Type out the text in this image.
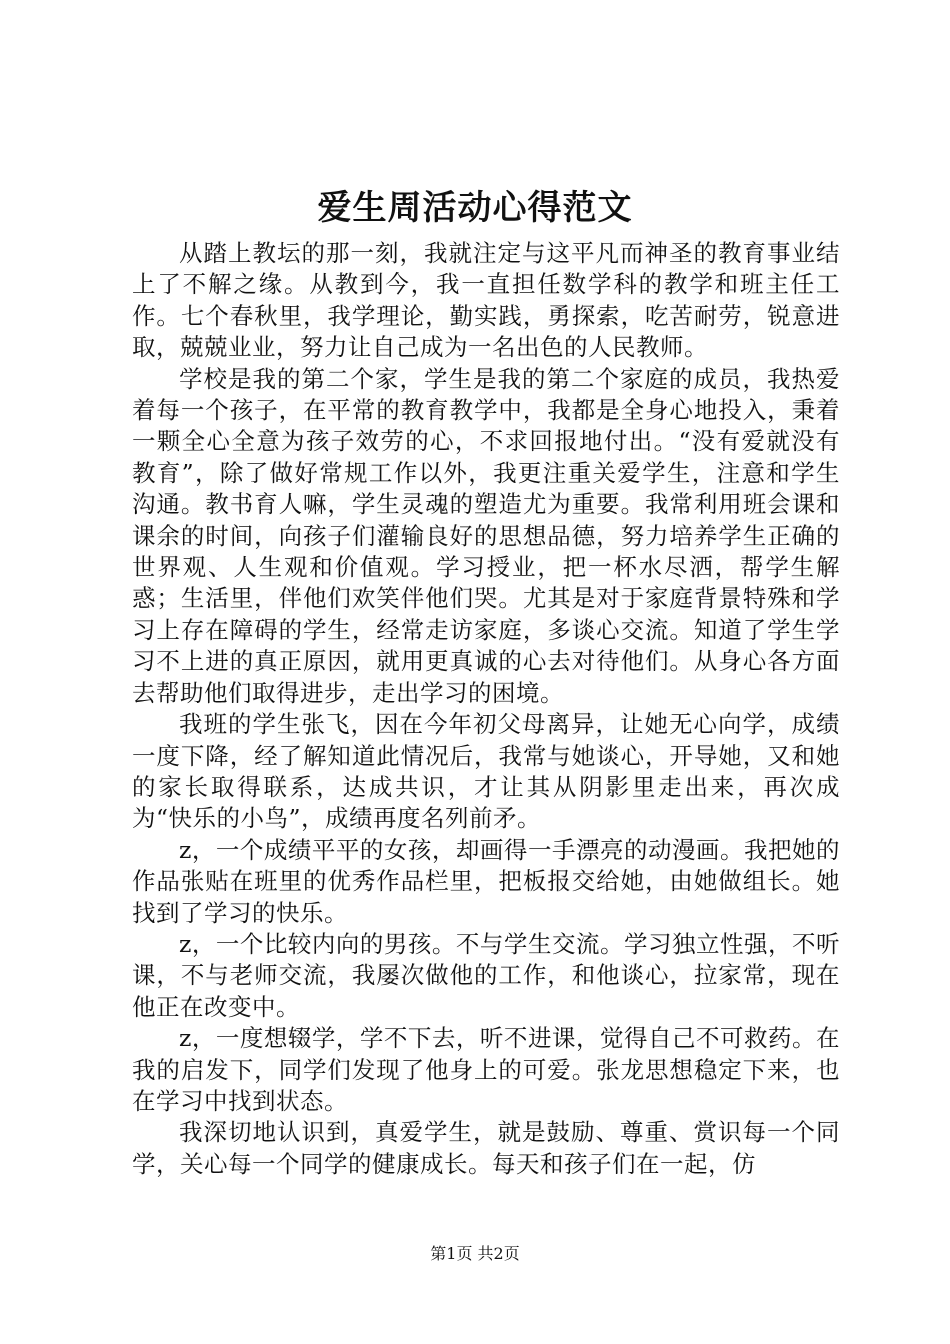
爱生周活动心得范文

从踏上教坛的那一刻，我就注定与这平凡而神圣的教育事业结上了不解之缘。从教到今，我一直担任数学科的教学和班主任工作。七个春秋里，我学理论，勤实践，勇探索，吃苦耐劳，锐意进取，兢兢业业，努力让自己成为一名出色的人民教师。

学校是我的第二个家，学生是我的第二个家庭的成员，我热爱着每一个孩子，在平常的教育教学中，我都是全身心地投入，秉着一颗全心全意为孩子效劳的心，不求回报地付出。“没有爱就没有教育”，除了做好常规工作以外，我更注重关爱学生，注意和学生沟通。教书育人嘛，学生灵魂的塑造尤为重要。我常利用班会课和课余的时间，向孩子们灌输良好的思想品德，努力培养学生正确的世界观、人生观和价值观。学习授业，把一杯水尽洒，帮学生解惑；生活里，伴他们欢笑伴他们哭。尤其是对于家庭背景特殊和学习上存在障碍的学生，经常走访家庭，多谈心交流。知道了学生学习不上进的真正原因，就用更真诚的心去对待他们。从身心各方面去帮助他们取得进步，走出学习的困境。

我班的学生张飞，因在今年初父母离异，让她无心向学，成绩一度下降，经了解知道此情况后，我常与她谈心，开导她，又和她的家长取得联系，达成共识，才让其从阴影里走出来，再次成为“快乐的小鸟”，成绩再度名列前矛。

z，一个成绩平平的女孩，却画得一手漂亮的动漫画。我把她的作品张贴在班里的优秀作品栏里，把板报交给她，由她做组长。她找到了学习的快乐。

z，一个比较内向的男孩。不与学生交流。学习独立性强，不听课，不与老师交流，我屡次做他的工作，和他谈心，拉家常，现在他正在改变中。

z，一度想辍学，学不下去，听不进课，觉得自己不可救药。在我的启发下，同学们发现了他身上的可爱。张龙思想稳定下来，也在学习中找到状态。

我深切地认识到，真爱学生，就是鼓励、尊重、赏识每一个同学，关心每一个同学的健康成长。每天和孩子们在一起，仿

第1页 共2页
